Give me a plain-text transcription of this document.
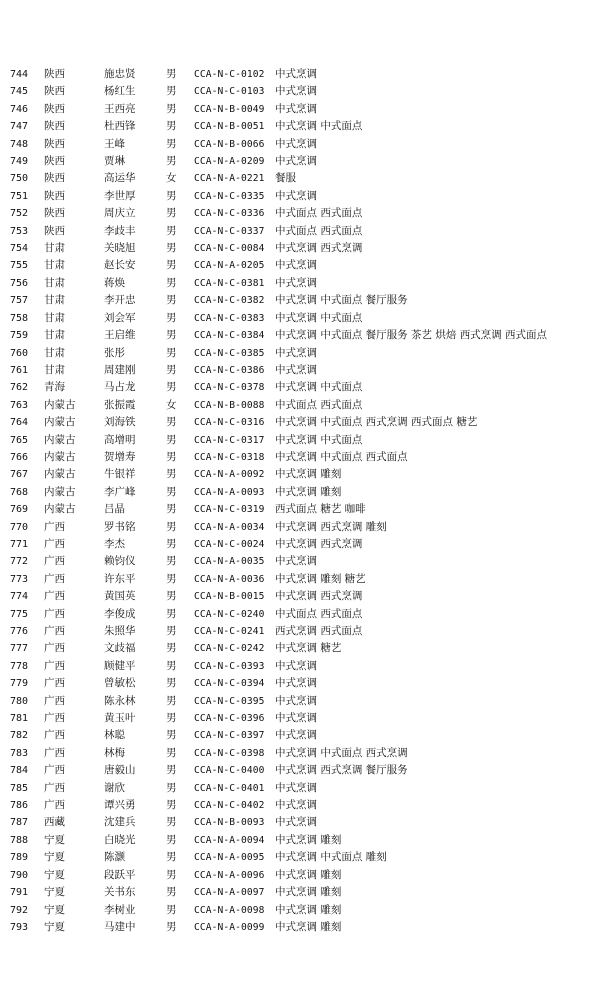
744	陕西	施忠贤	男	CCA-N-C-0102	中式烹调
745	陕西	杨红生	男	CCA-N-C-0103	中式烹调
746	陕西	王西亮	男	CCA-N-B-0049	中式烹调
747	陕西	杜西锋	男	CCA-N-B-0051	中式烹调 中式面点
748	陕西	王峰	男	CCA-N-B-0066	中式烹调
749	陕西	贾琳	男	CCA-N-A-0209	中式烹调
750	陕西	高运华	女	CCA-N-A-0221	餐服
751	陕西	李世厚	男	CCA-N-C-0335	中式烹调
752	陕西	周庆立	男	CCA-N-C-0336	中式面点 西式面点
753	陕西	李歧丰	男	CCA-N-C-0337	中式面点 西式面点
754	甘肃	关晓旭	男	CCA-N-C-0084	中式烹调 西式烹调
755	甘肃	赵长安	男	CCA-N-A-0205	中式烹调
756	甘肃	蒋焕	男	CCA-N-C-0381	中式烹调
757	甘肃	李开忠	男	CCA-N-C-0382	中式烹调 中式面点 餐厅服务
758	甘肃	刘会军	男	CCA-N-C-0383	中式烹调 中式面点
759	甘肃	王启维	男	CCA-N-C-0384	中式烹调 中式面点 餐厅服务 茶艺 烘焙 西式烹调 西式面点
760	甘肃	张彤	男	CCA-N-C-0385	中式烹调
761	甘肃	周建刚	男	CCA-N-C-0386	中式烹调
762	青海	马占龙	男	CCA-N-C-0378	中式烹调 中式面点
763	内蒙古	张振霞	女	CCA-N-B-0088	中式面点 西式面点
764	内蒙古	刘海铁	男	CCA-N-C-0316	中式烹调 中式面点 西式烹调 西式面点 糖艺
765	内蒙古	高增明	男	CCA-N-C-0317	中式烹调 中式面点
766	内蒙古	贺增寿	男	CCA-N-C-0318	中式烹调 中式面点 西式面点
767	内蒙古	牛银祥	男	CCA-N-A-0092	中式烹调 雕刻
768	内蒙古	李广峰	男	CCA-N-A-0093	中式烹调 雕刻
769	内蒙古	吕晶	男	CCA-N-C-0319	西式面点 糖艺 咖啡
770	广西	罗书铭	男	CCA-N-A-0034	中式烹调 西式烹调 雕刻
771	广西	李杰	男	CCA-N-C-0024	中式烹调 西式烹调
772	广西	赖钧仪	男	CCA-N-A-0035	中式烹调
773	广西	许东平	男	CCA-N-A-0036	中式烹调 雕刻 糖艺
774	广西	黄国英	男	CCA-N-B-0015	中式烹调 西式烹调
775	广西	李俊成	男	CCA-N-C-0240	中式面点 西式面点
776	广西	朱照华	男	CCA-N-C-0241	西式烹调 西式面点
777	广西	文歧福	男	CCA-N-C-0242	中式烹调 糖艺
778	广西	顾健平	男	CCA-N-C-0393	中式烹调
779	广西	曾敏松	男	CCA-N-C-0394	中式烹调
780	广西	陈永林	男	CCA-N-C-0395	中式烹调
781	广西	黄玉叶	男	CCA-N-C-0396	中式烹调
782	广西	林聪	男	CCA-N-C-0397	中式烹调
783	广西	林梅	男	CCA-N-C-0398	中式烹调 中式面点 西式烹调
784	广西	唐毅山	男	CCA-N-C-0400	中式烹调 西式烹调 餐厅服务
785	广西	谢欣	男	CCA-N-C-0401	中式烹调
786	广西	谭兴勇	男	CCA-N-C-0402	中式烹调
787	西藏	沈建兵	男	CCA-N-B-0093	中式烹调
788	宁夏	白晓光	男	CCA-N-A-0094	中式烹调 雕刻
789	宁夏	陈灏	男	CCA-N-A-0095	中式烹调 中式面点 雕刻
790	宁夏	段跃平	男	CCA-N-A-0096	中式烹调 雕刻
791	宁夏	关书东	男	CCA-N-A-0097	中式烹调 雕刻
792	宁夏	李树业	男	CCA-N-A-0098	中式烹调 雕刻
793	宁夏	马建中	男	CCA-N-A-0099	中式烹调 雕刻
